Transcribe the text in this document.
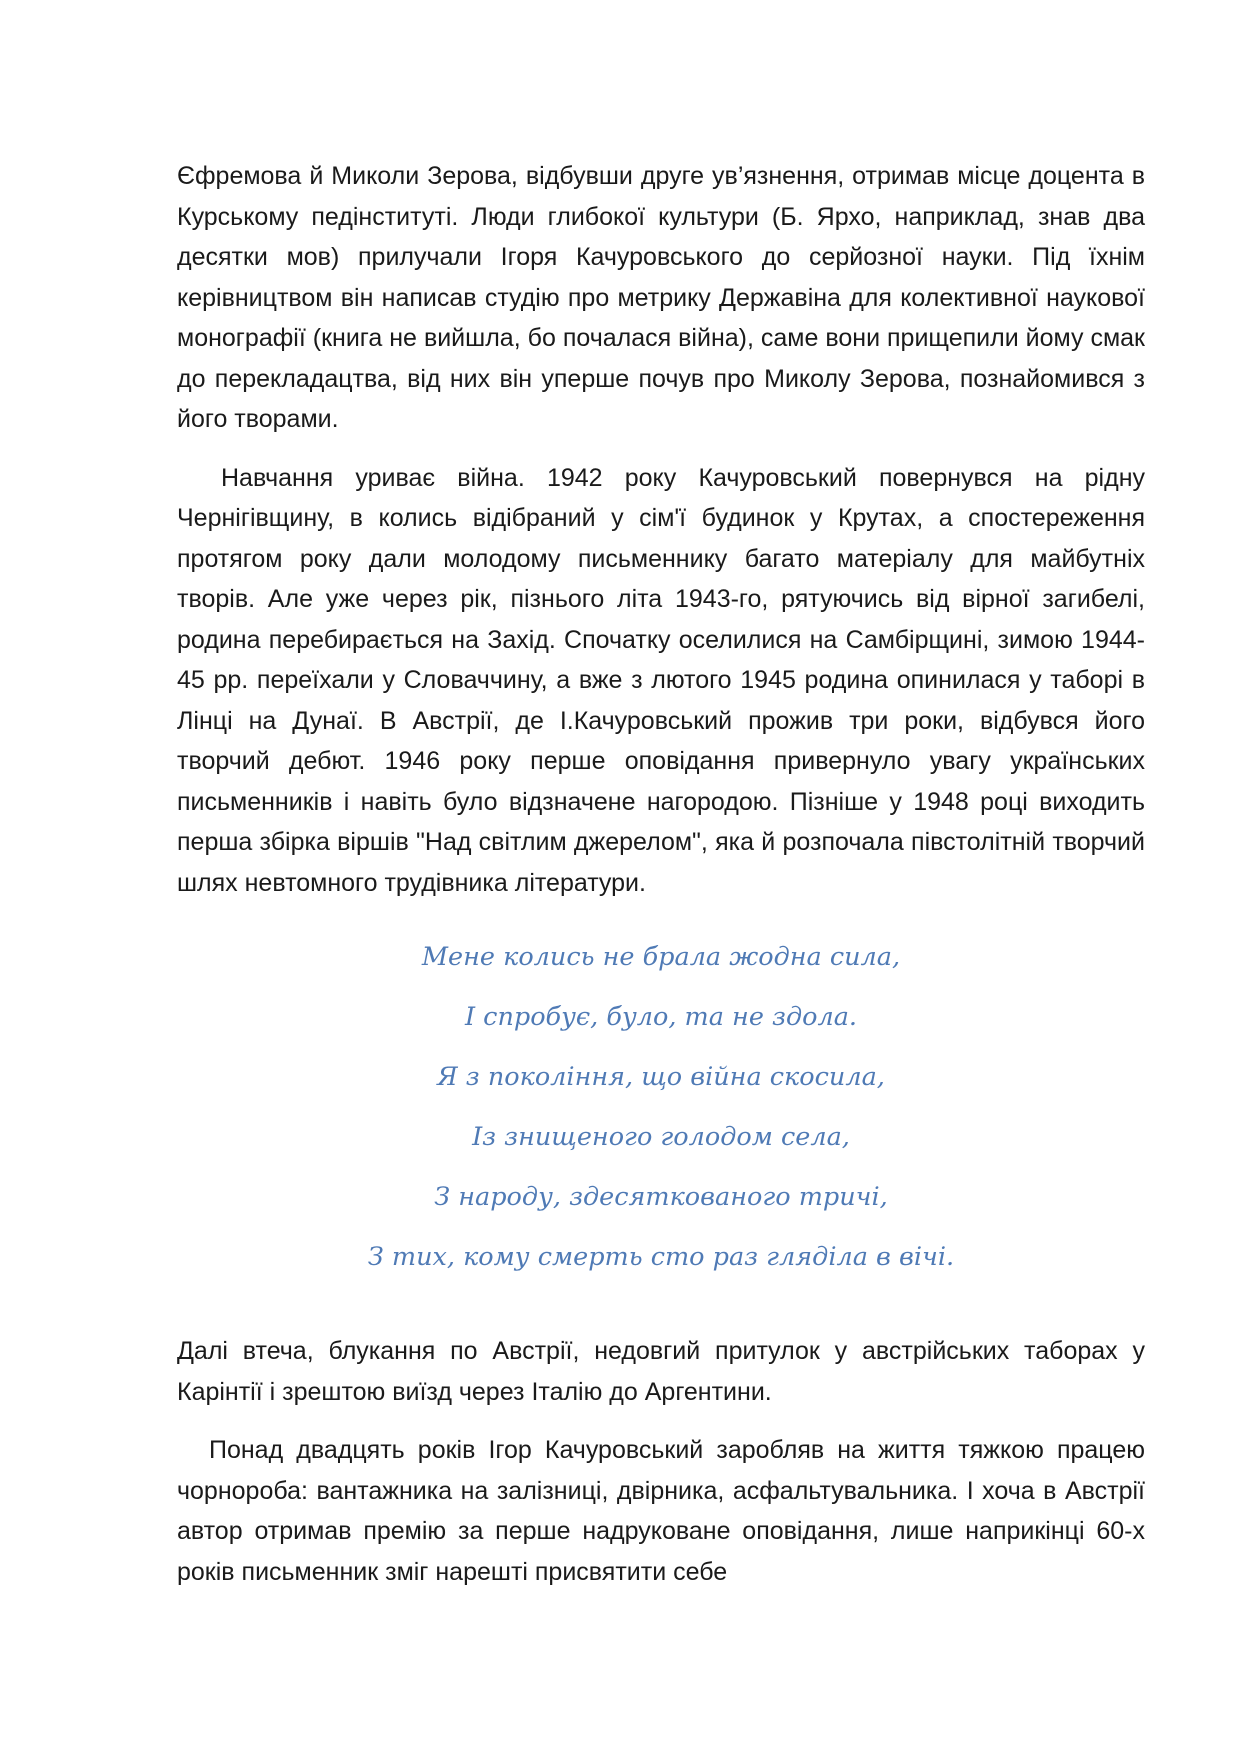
Єфремова й Миколи Зерова, відбувши друге ув’язнення, отримав місце доцента в Курському педінституті. Люди глибокої культури (Б. Ярхо, наприклад, знав два десятки мов) прилучали Ігоря Качуровського до серйозної науки. Під їхнім керівництвом він написав студію про метрику Державіна для колективної наукової монографії (книга не вийшла, бо почалася війна), саме вони прищепили йому смак до перекладацтва, від них він уперше почув про Миколу Зерова, познайомився з його творами.

Навчання уриває війна. 1942 року Качуровський повернувся на рідну Чернігівщину, в колись відібраний у сім'ї будинок у Крутах, а спостереження протягом року дали молодому письменнику багато матеріалу для майбутніх творів. Але уже через рік, пізнього літа 1943-го, рятуючись від вірної загибелі, родина перебирається на Захід. Спочатку оселилися на Самбірщині, зимою 1944-45 рр. переїхали у Словаччину, а вже з лютого 1945 родина опинилася у таборі в Лінці на Дунаї. В Австрії, де І.Качуровський прожив три роки, відбувся його творчий дебют. 1946 року перше оповідання привернуло увагу українських письменників і навіть було відзначене нагородою. Пізніше у 1948 році виходить перша збірка віршів "Над світлим джерелом", яка й розпочала півстолітній творчий шлях невтомного трудівника літератури.

Мене колись не брала жодна сила,
І спробує, було, та не здола.
Я з покоління, що війна скосила,
Із знищеного голодом села,
З народу, здесяткованого тричі,
З тих, кому смерть сто раз гляділа в вічі.

Далі втеча, блукання по Австрії, недовгий притулок у австрійських таборах у Карінтії і зрештою виїзд через Італію до Аргентини.

Понад двадцять років Ігор Качуровський заробляв на життя тяжкою працею чорнороба: вантажника на залізниці, двірника, асфальтувальника. І хоча в Австрії автор отримав премію за перше надруковане оповідання, лише наприкінці 60-х років письменник зміг нарешті присвятити себе
